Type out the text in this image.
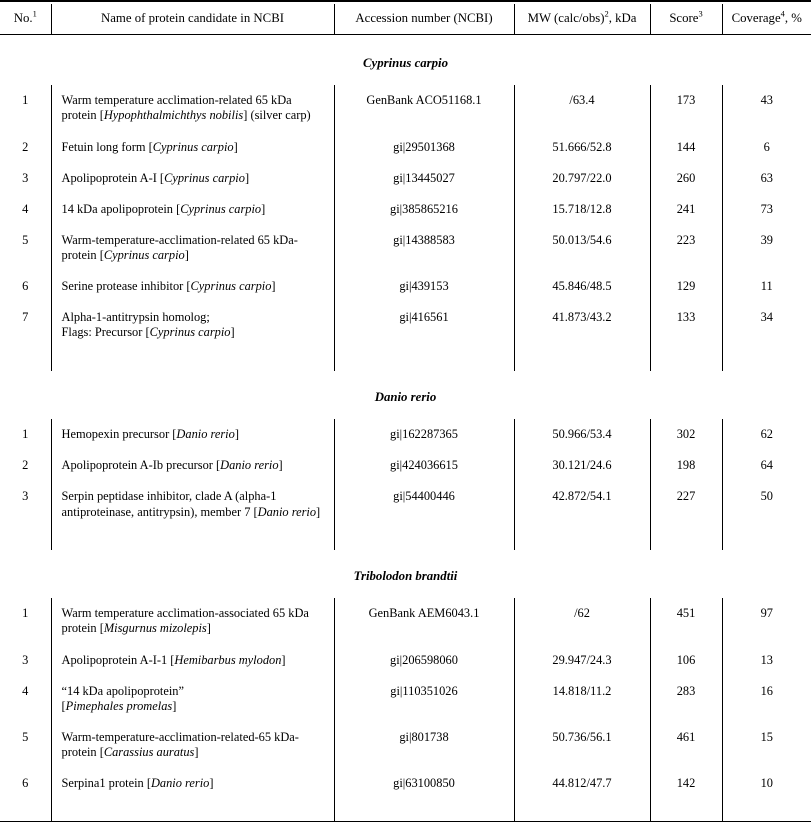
No.$^1$	Name of protein candidate in NCBI	Accession number (NCBI)	MW (calc/obs)$^2$, kDa	Score$^3$	Coverage$^4$, %

Cyprinus carpio					
1	Warm temperature acclimation-related 65 kDa protein [Hypophthalmichthys nobilis] (silver carp)	GenBank ACO51168.1	/63.4	173	43
2	Fetuin long form [Cyprinus carpio]	gi|29501368	51.666/52.8	144	6
3	Apolipoprotein A-I [Cyprinus carpio]	gi|13445027	20.797/22.0	260	63
4	14 kDa apolipoprotein [Cyprinus carpio]	gi|385865216	15.718/12.8	241	73
5	Warm-temperature-acclimation-related 65 kDa-protein [Cyprinus carpio]	gi|14388583	50.013/54.6	223	39
6	Serine protease inhibitor [Cyprinus carpio]	gi|439153	45.846/48.5	129	11
7	Alpha-1-antitrypsin homolog;
Flags: Precursor [Cyprinus carpio]	gi|416561	41.873/43.2	133	34

Danio rerio					
1	Hemopexin precursor [Danio rerio]	gi|162287365	50.966/53.4	302	62
2	Apolipoprotein A-Ib precursor [Danio rerio]	gi|424036615	30.121/24.6	198	64
3	Serpin peptidase inhibitor, clade A (alpha-1 antiproteinase, antitrypsin), member 7 [Danio rerio]	gi|54400446	42.872/54.1	227	50

Tribolodon brandtii					
1	Warm temperature acclimation-associated 65 kDa protein [Misgurnus mizolepis]	GenBank AEM6043.1	/62	451	97
3	Apolipoprotein A-I-1 [Hemibarbus mylodon]	gi|206598060	29.947/24.3	106	13
4	“14 kDa apolipoprotein”
[Pimephales promelas]	gi|110351026	14.818/11.2	283	16
5	Warm-temperature-acclimation-related-65 kDa-protein [Carassius auratus]	gi|801738	50.736/56.1	461	15
6	Serpina1 protein [Danio rerio]	gi|63100850	44.812/47.7	142	10
